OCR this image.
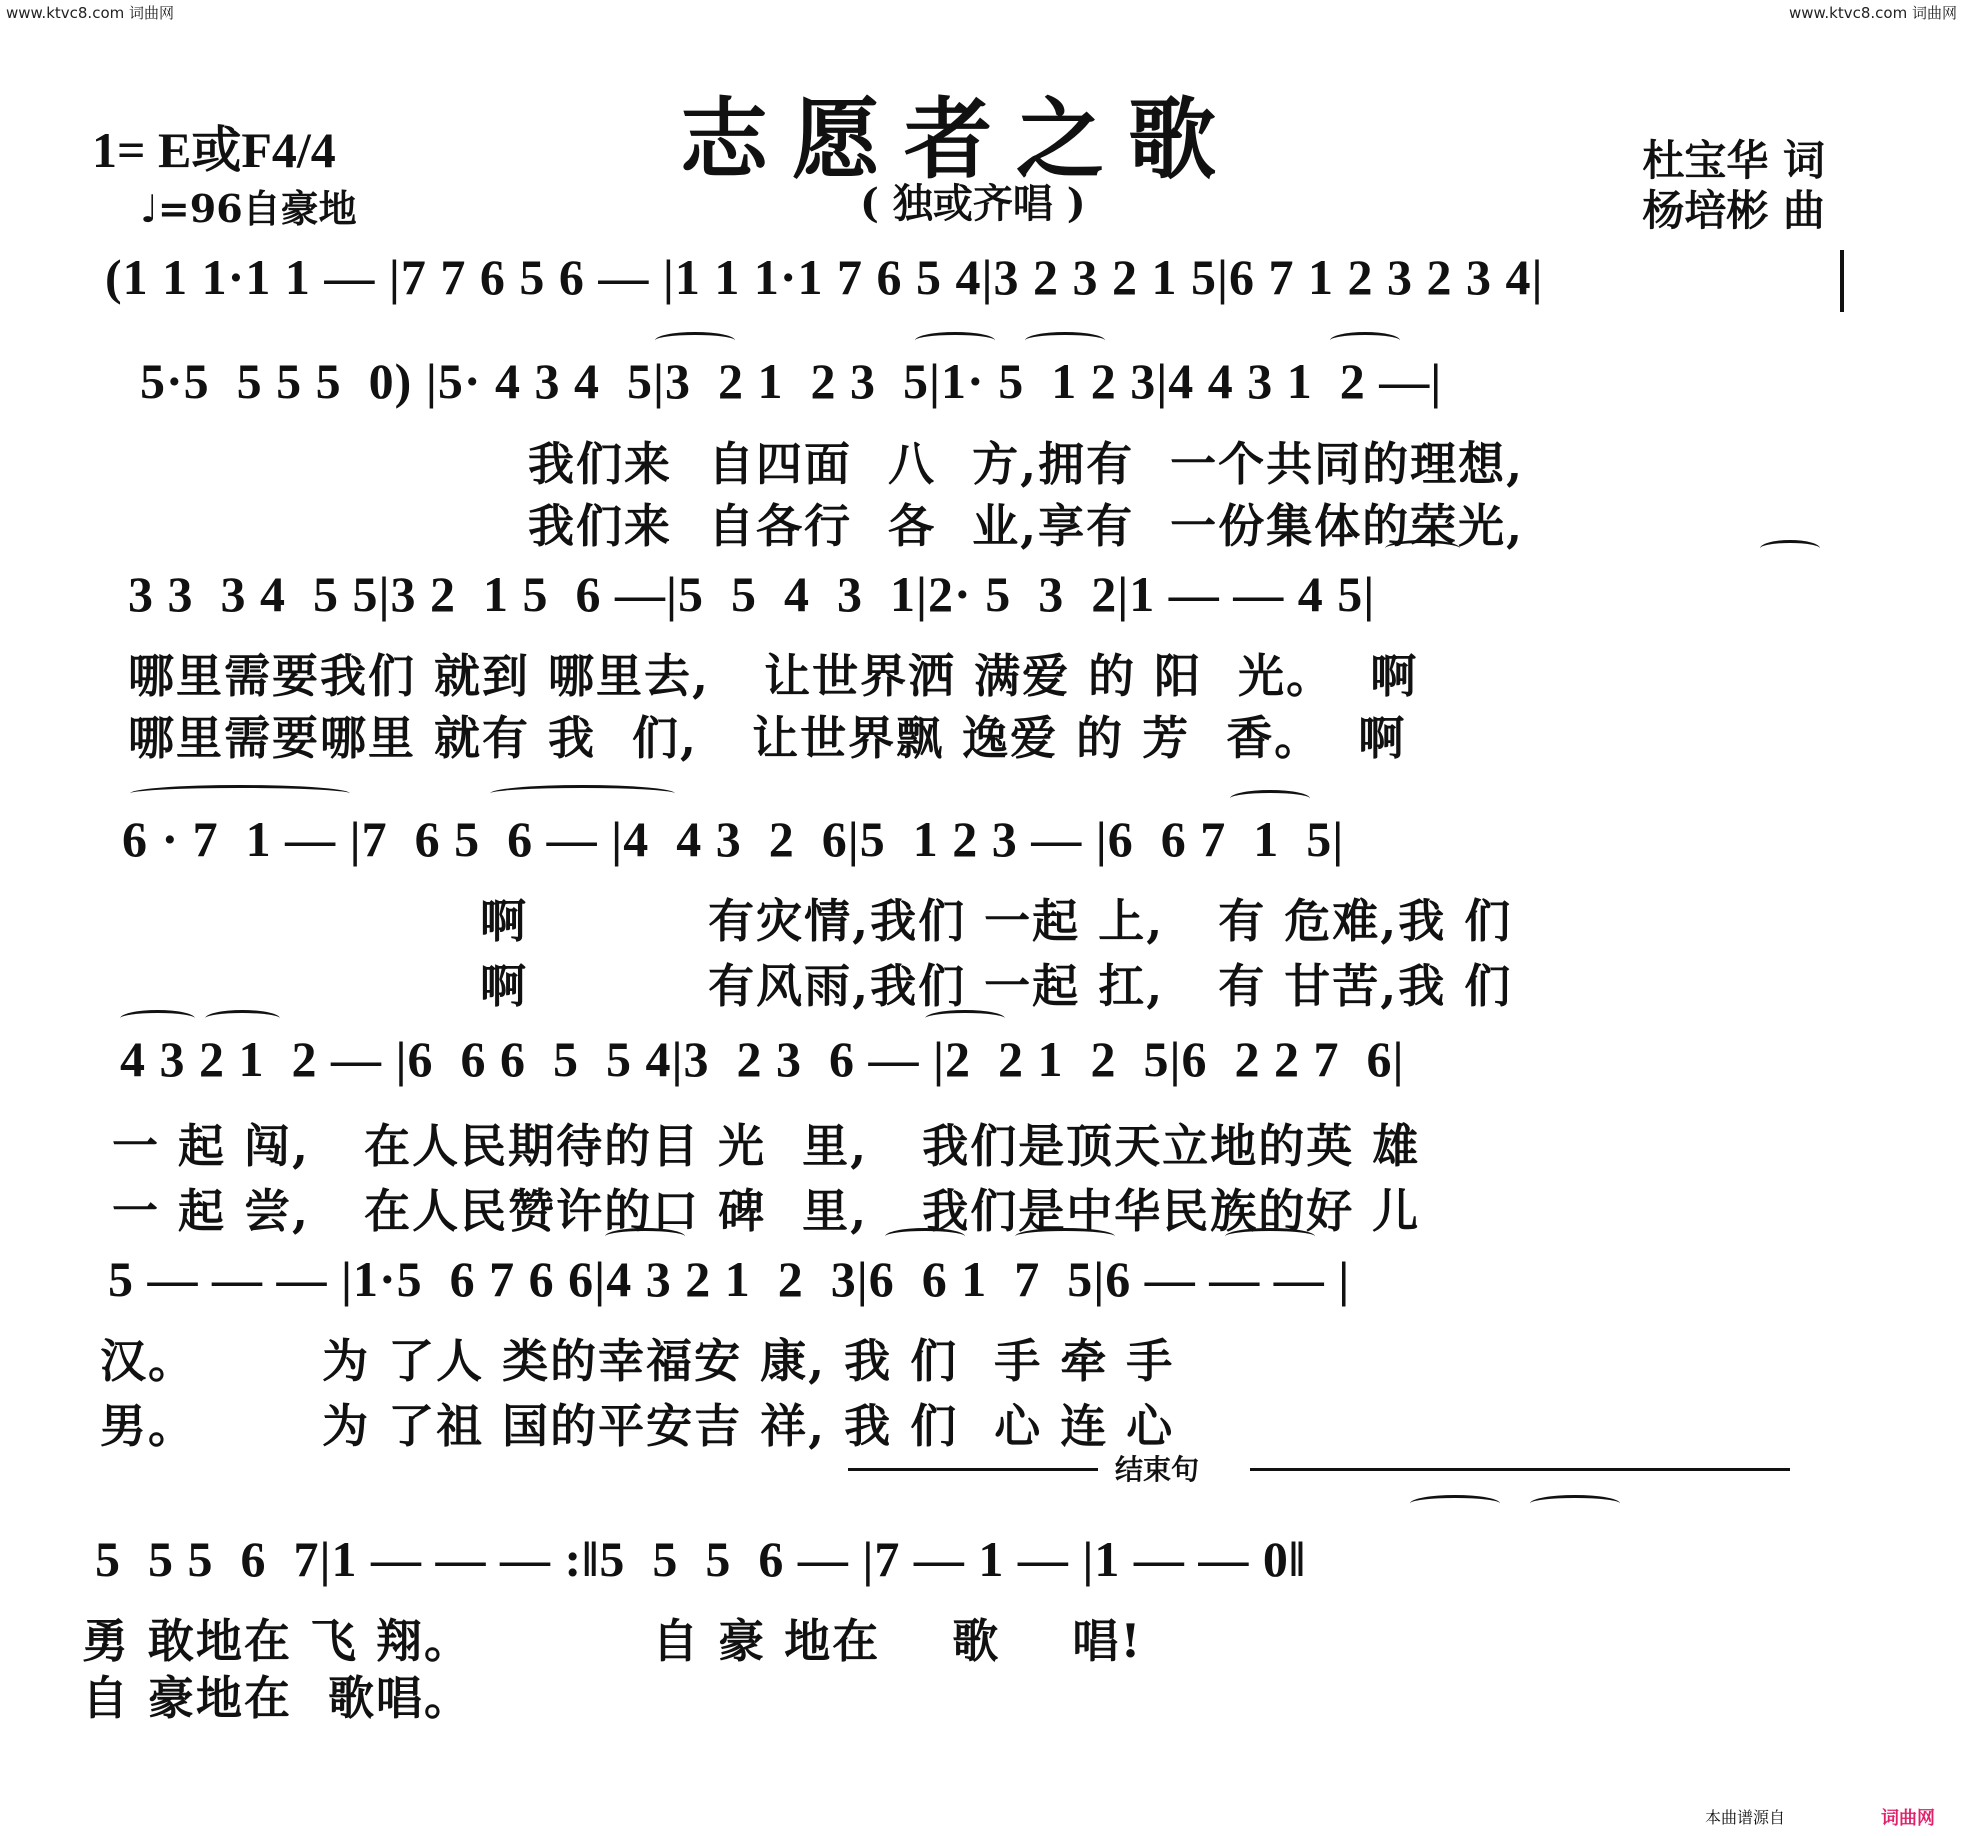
www.ktvc8.com 词曲网	www.ktvc8.com 词曲网
志愿者之歌
( 独或齐唱 )
1= E或F4/4
♩=96自豪地
杜宝华 词
杨培彬 曲
(1 1 1·1 1 — |7 7 6 5 6 — |1 1 1·1 7 6 5 4|3 2 3 2 1 5|6 7 1 2 3 2 3 4|
5·5  5 5 5  0) |5· 4 3 4  5|3  2 1  2 3  5|1· 5  1 2 3|4 4 3 1  2 —|
我们来  自四面  八  方,拥有  一个共同的理想,
我们来  自各行  各  业,享有  一份集体的荣光,
3 3  3 4  5 5|3 2  1 5  6 —|5  5  4  3  1|2· 5  3  2|1 — — 4 5|
哪里需要我们 就到 哪里去,   让世界洒 满爱 的 阳  光。  啊
哪里需要哪里 就有 我  们,   让世界飘 逸爱 的 芳  香。  啊
6 · 7  1 — |7  6 5  6 — |4  4 3  2  6|5  1 2 3 — |6  6 7  1  5|
啊          有灾情,我们 一起 上,   有 危难,我 们
啊          有风雨,我们 一起 扛,   有 甘苦,我 们
4 3 2 1  2 — |6  6 6  5  5 4|3  2 3  6 — |2  2 1  2  5|6  2 2 7  6|
一 起 闯,   在人民期待的目 光  里,   我们是顶天立地的英 雄
一 起 尝,   在人民赞许的口 碑  里,   我们是中华民族的好 儿
5 — — — |1·5  6 7 6 6|4 3 2 1  2  3|6  6 1  7  5|6 — — — |
汉。       为 了人 类的幸福安 康, 我 们  手 牵 手
男。       为 了祖 国的平安吉 祥, 我 们  心 连 心
结束句
5  5 5  6  7|1 — — — :‖5  5  5  6 — |7 — 1 — |1 — — 0‖
勇 敢地在 飞 翔。          自 豪 地在    歌    唱!
自 豪地在  歌唱。
本曲谱源自	词曲网
